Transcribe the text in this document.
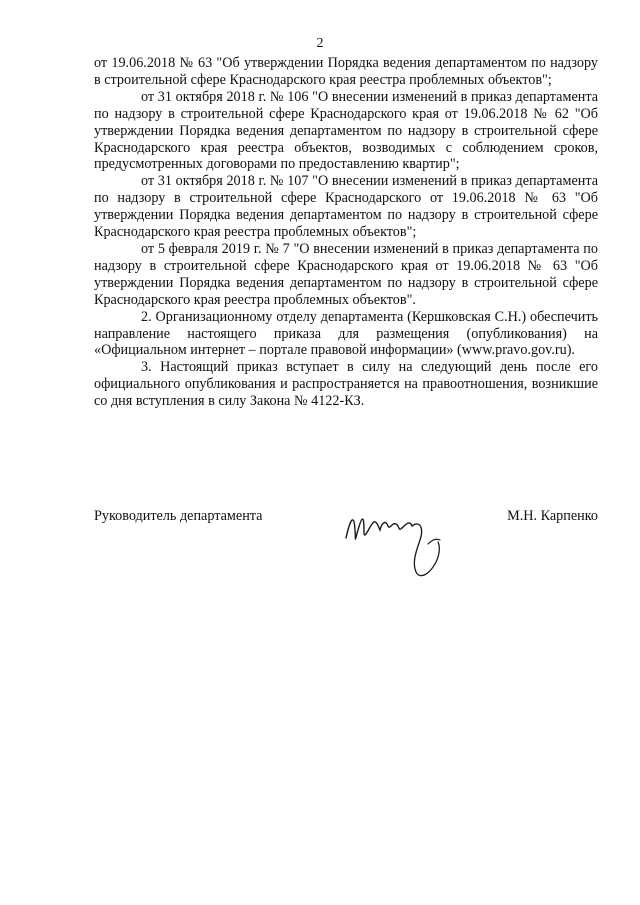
2

от 19.06.2018 № 63 "Об утверждении Порядка ведения департаментом по надзору в строительной сфере Краснодарского края реестра проблемных объектов";

от 31 октября 2018 г. № 106 "О внесении изменений в приказ департамента по надзору в строительной сфере Краснодарского края от 19.06.2018 № 62 "Об утверждении Порядка ведения департаментом по надзору в строительной сфере Краснодарского края реестра объектов, возводимых с соблюдением сроков, предусмотренных договорами по предоставлению квартир";

от 31 октября 2018 г. № 107 "О внесении изменений в приказ департамента по надзору в строительной сфере Краснодарского от 19.06.2018 № 63 "Об утверждении Порядка ведения департаментом по надзору в строительной сфере Краснодарского края реестра проблемных объектов";

от 5 февраля 2019 г. № 7 "О внесении изменений в приказ департамента по надзору в строительной сфере Краснодарского края от 19.06.2018 № 63 "Об утверждении Порядка ведения департаментом по надзору в строительной сфере Краснодарского края реестра проблемных объектов".

2. Организационному отделу департамента (Кершковская С.Н.) обеспечить направление настоящего приказа для размещения (опубликования) на «Официальном интернет – портале правовой информации» (www.pravo.gov.ru).

3. Настоящий приказ вступает в силу на следующий день после его официального опубликования и распространяется на правоотношения, возникшие со дня вступления в силу Закона № 4122-КЗ.

Руководитель департамента	М.Н. Карпенко
